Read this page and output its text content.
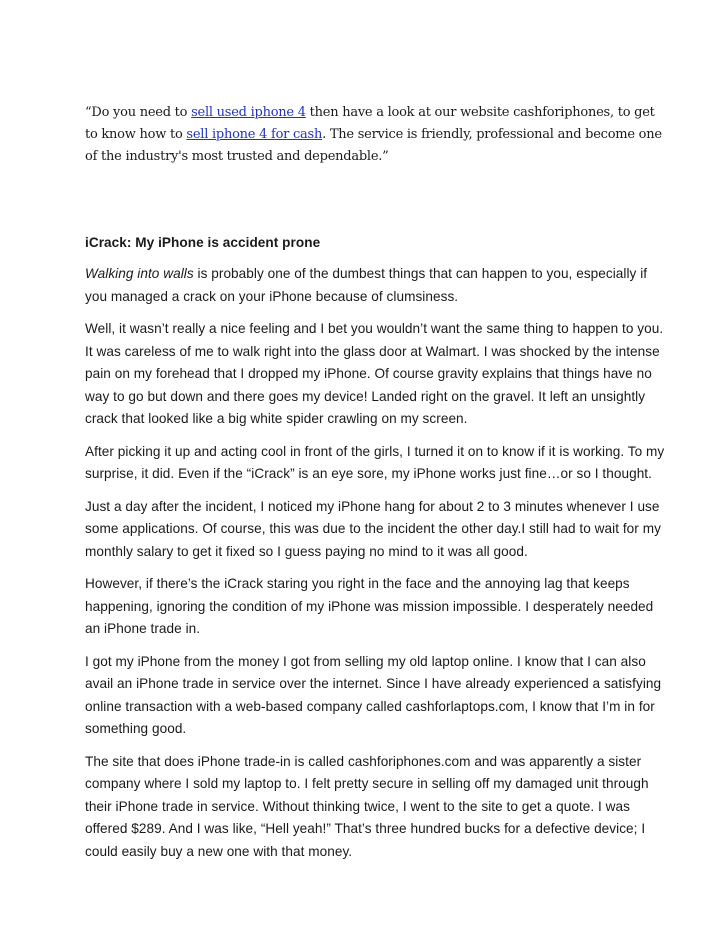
“Do you need to sell used iphone 4 then have a look at our website cashforiphones, to get to know how to sell iphone 4 for cash. The service is friendly, professional and become one of the industry's most trusted and dependable.”

iCrack: My iPhone is accident prone

Walking into walls is probably one of the dumbest things that can happen to you, especially if you managed a crack on your iPhone because of clumsiness.

Well, it wasn’t really a nice feeling and I bet you wouldn’t want the same thing to happen to you. It was careless of me to walk right into the glass door at Walmart. I was shocked by the intense pain on my forehead that I dropped my iPhone. Of course gravity explains that things have no way to go but down and there goes my device! Landed right on the gravel. It left an unsightly crack that looked like a big white spider crawling on my screen.

After picking it up and acting cool in front of the girls, I turned it on to know if it is working. To my surprise, it did. Even if the “iCrack” is an eye sore, my iPhone works just fine…or so I thought.

Just a day after the incident, I noticed my iPhone hang for about 2 to 3 minutes whenever I use some applications. Of course, this was due to the incident the other day.I still had to wait for my monthly salary to get it fixed so I guess paying no mind to it was all good.

However, if there’s the iCrack staring you right in the face and the annoying lag that keeps happening, ignoring the condition of my iPhone was mission impossible. I desperately needed an iPhone trade in.

I got my iPhone from the money I got from selling my old laptop online. I know that I can also avail an iPhone trade in service over the internet. Since I have already experienced a satisfying online transaction with a web-based company called cashforlaptops.com, I know that I’m in for something good.

The site that does iPhone trade-in is called cashforiphones.com and was apparently a sister company where I sold my laptop to. I felt pretty secure in selling off my damaged unit through their iPhone trade in service. Without thinking twice, I went to the site to get a quote. I was offered $289. And I was like, “Hell yeah!” That’s three hundred bucks for a defective device; I could easily buy a new one with that money.
